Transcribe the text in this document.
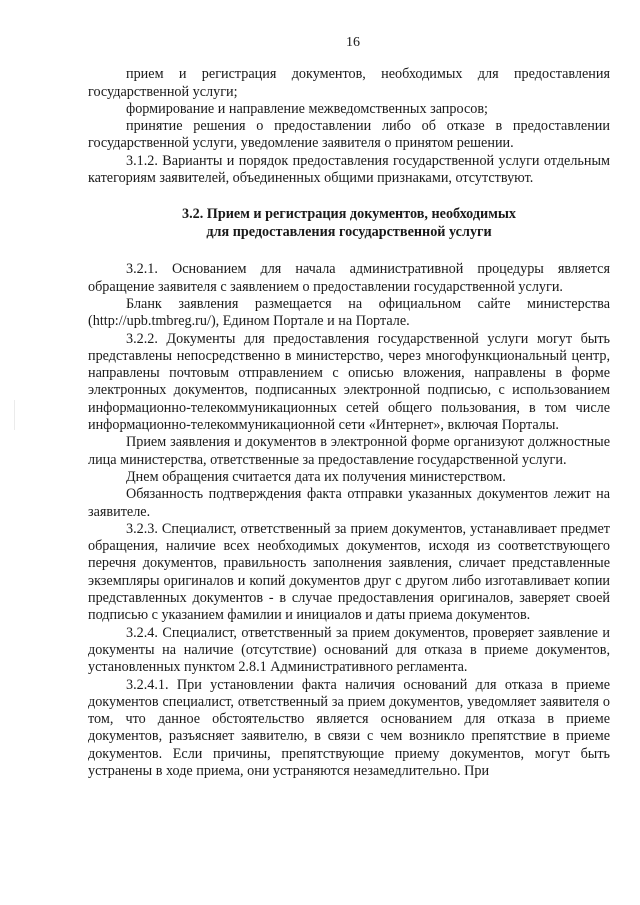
16

прием и регистрация документов, необходимых для предоставления государственной услуги;

формирование и направление межведомственных запросов;

принятие решения о предоставлении либо об отказе в предоставлении государственной услуги, уведомление заявителя о принятом решении.

3.1.2. Варианты и порядок предоставления государственной услуги отдельным категориям заявителей, объединенных общими признаками, отсутствуют.

3.2. Прием и регистрация документов, необходимых
для предоставления государственной услуги

3.2.1. Основанием для начала административной процедуры является обращение заявителя с заявлением о предоставлении государственной услуги.

Бланк заявления размещается на официальном сайте министерства (http://upb.tmbreg.ru/), Едином Портале и на Портале.

3.2.2. Документы для предоставления государственной услуги могут быть представлены непосредственно в министерство, через многофункциональный центр, направлены почтовым отправлением с описью вложения, направлены в форме электронных документов, подписанных электронной подписью, с использованием информационно-телекоммуникационных сетей общего пользования, в том числе информационно-телекоммуникационной сети «Интернет», включая Порталы.

Прием заявления и документов в электронной форме организуют должностные лица министерства, ответственные за предоставление государственной услуги.

Днем обращения считается дата их получения министерством.

Обязанность подтверждения факта отправки указанных документов лежит на заявителе.

3.2.3. Специалист, ответственный за прием документов, устанавливает предмет обращения, наличие всех необходимых документов, исходя из соответствующего перечня документов, правильность заполнения заявления, сличает представленные экземпляры оригиналов и копий документов друг с другом либо изготавливает копии представленных документов - в случае предоставления оригиналов, заверяет своей подписью с указанием фамилии и инициалов и даты приема документов.

3.2.4. Специалист, ответственный за прием документов, проверяет заявление и документы на наличие (отсутствие) оснований для отказа в приеме документов, установленных пунктом 2.8.1 Административного регламента.

3.2.4.1. При установлении факта наличия оснований для отказа в приеме документов специалист, ответственный за прием документов, уведомляет заявителя о том, что данное обстоятельство является основанием для отказа в приеме документов, разъясняет заявителю, в связи с чем возникло препятствие в приеме документов. Если причины, препятствующие приему документов, могут быть устранены в ходе приема, они устраняются незамедлительно. При
